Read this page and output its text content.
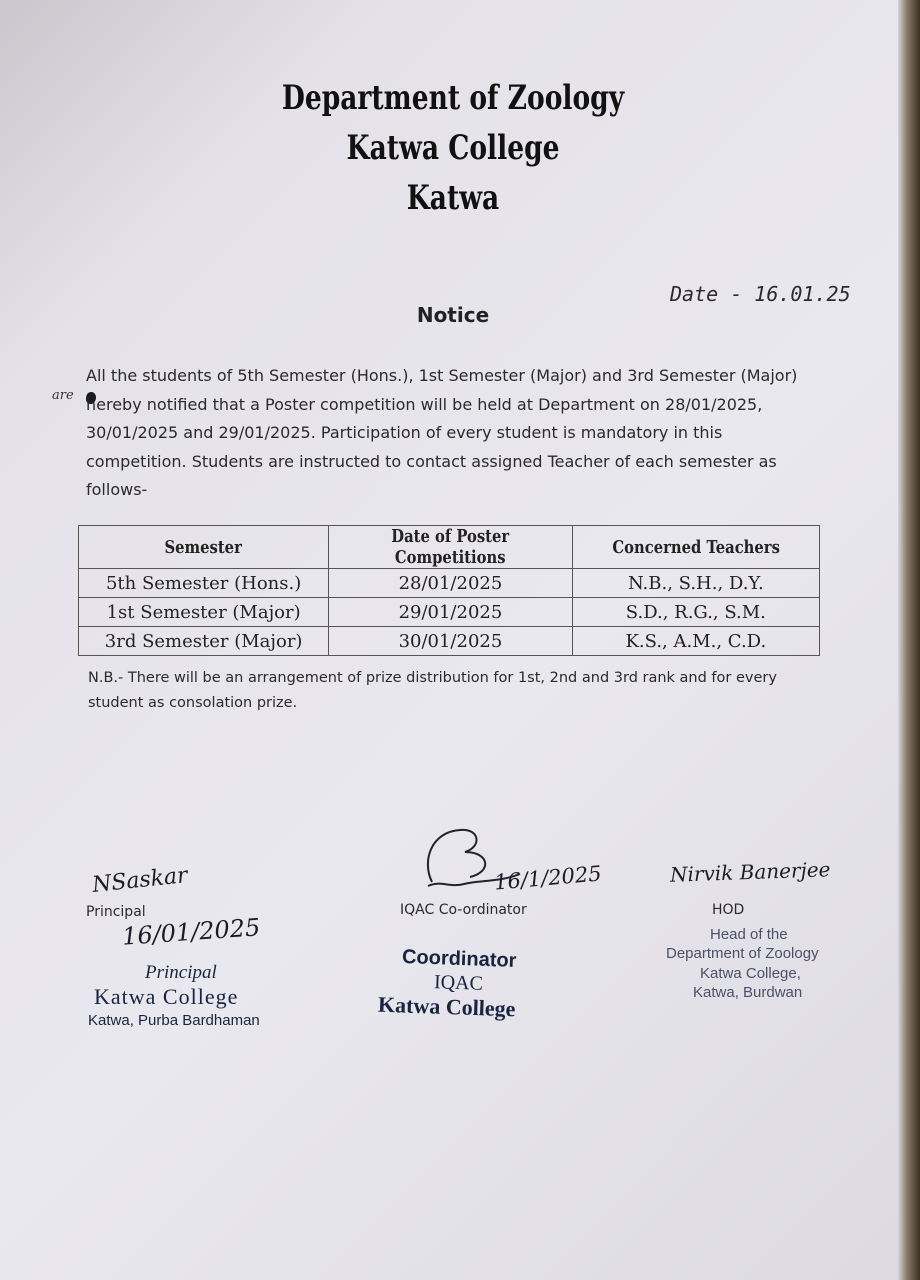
Department of Zoology
Katwa College
Katwa
Date - 16.01.25
Notice
are

All the students of 5th Semester (Hons.), 1st Semester (Major) and 3rd Semester (Major) hereby notified that a Poster competition will be held at Department on 28/01/2025, 30/01/2025 and 29/01/2025. Participation of every student is mandatory in this competition. Students are instructed to contact assigned Teacher of each semester as follows-

Semester	Date of Poster Competitions	Concerned Teachers
5th Semester (Hons.)	28/01/2025	N.B., S.H., D.Y.
1st Semester (Major)	29/01/2025	S.D., R.G., S.M.
3rd Semester (Major)	30/01/2025	K.S., A.M., C.D.
N.B.- There will be an arrangement of prize distribution for 1st, 2nd and 3rd rank and for every student as consolation prize.
NSaskar
Principal
16/01/2025
Principal
Katwa College
Katwa, Purba Bardhaman
16/1/2025
IQAC Co-ordinator
Coordinator
IQAC
Katwa College
Nirvik Banerjee
HOD
Head of the
Department of Zoology
Katwa College,
Katwa, Burdwan
